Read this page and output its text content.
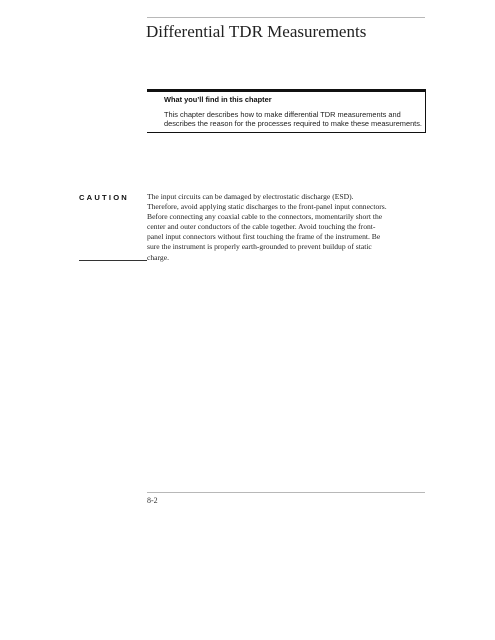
Differential TDR Measurements

What you’ll find in this chapter

This chapter describes how to make differential TDR measurements and

describes the reason for the processes required to make these measurements.

CAUTION The input circuits can be damaged by electrostatic discharge (ESD).
Therefore, avoid applying static discharges to the front-panel input connectors.
Before connecting any coaxial cable to the connectors, momentarily short the
center and outer conductors of the cable together. Avoid touching the front-
panel input connectors without first touching the frame of the instrument. Be
sure the instrument is properly earth-grounded to prevent buildup of static
charge.

8-2
